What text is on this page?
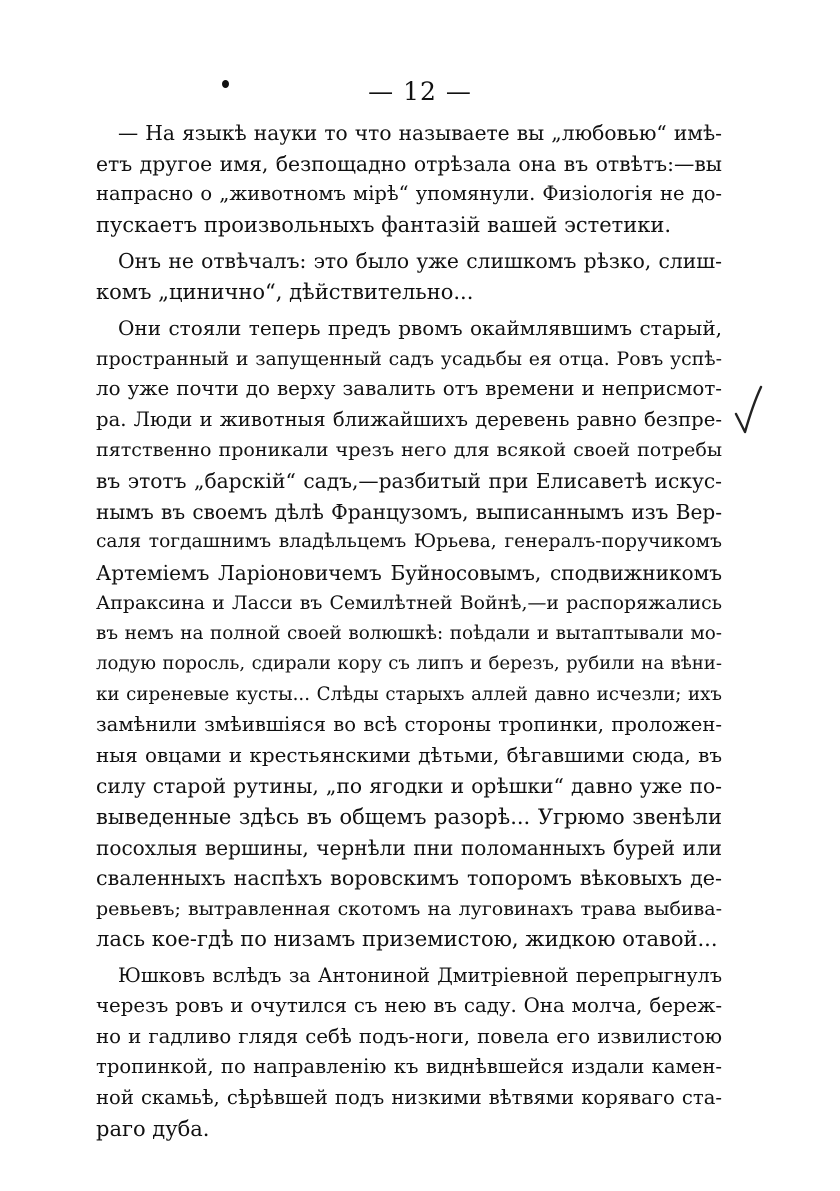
— 12 —
— На языкѣ науки то что называете вы „любовью“ имѣ-
етъ другое имя, безпощадно отрѣзала она въ отвѣтъ:—вы
напрасно о „животномъ мірѣ“ упомянули. Физіологія не до-
пускаетъ произвольныхъ фантазій вашей эстетики.
Онъ не отвѣчалъ: это было уже слишкомъ рѣзко, слиш-
комъ „цинично“, дѣйствительно...
Они стояли теперь предъ рвомъ окаймлявшимъ старый,
пространный и запущенный садъ усадьбы ея отца. Ровъ успѣ-
ло уже почти до верху завалить отъ времени и неприсмот-
ра. Люди и животныя ближайшихъ деревень равно безпре-
пятственно проникали чрезъ него для всякой своей потребы
въ этотъ „барскій“ садъ,—разбитый при Елисаветѣ искус-
нымъ въ своемъ дѣлѣ Французомъ, выписаннымъ изъ Вер-
саля тогдашнимъ владѣльцемъ Юрьева, генералъ-поручикомъ
Артеміемъ Ларіоновичемъ Буйносовымъ, сподвижникомъ
Апраксина и Ласси въ Семилѣтней Войнѣ,—и распоряжались
въ немъ на полной своей волюшкѣ: поѣдали и вытаптывали мо-
лодую поросль, сдирали кору съ липъ и березъ, рубили на вѣни-
ки сиреневые кусты... Слѣды старыхъ аллей давно исчезли; ихъ
замѣнили змѣившіяся во всѣ стороны тропинки, проложен-
ныя овцами и крестьянскими дѣтьми, бѣгавшими сюда, въ
силу старой рутины, „по ягодки и орѣшки“ давно уже по-
выведенные здѣсь въ общемъ разорѣ... Угрюмо звенѣли
посохлыя вершины, чернѣли пни поломанныхъ бурей или
сваленныхъ наспѣхъ воровскимъ топоромъ вѣковыхъ де-
ревьевъ; вытравленная скотомъ на луговинахъ трава выбива-
лась кое-гдѣ по низамъ приземистою, жидкою отавой...
Юшковъ вслѣдъ за Антониной Дмитріевной перепрыгнулъ
черезъ ровъ и очутился съ нею въ саду. Она молча, береж-
но и гадливо глядя себѣ подъ-ноги, повела его извилистою
тропинкой, по направленію къ виднѣвшейся издали камен-
ной скамьѣ, сѣрѣвшей подъ низкими вѣтвями корявaго ста-
раго дуба.
